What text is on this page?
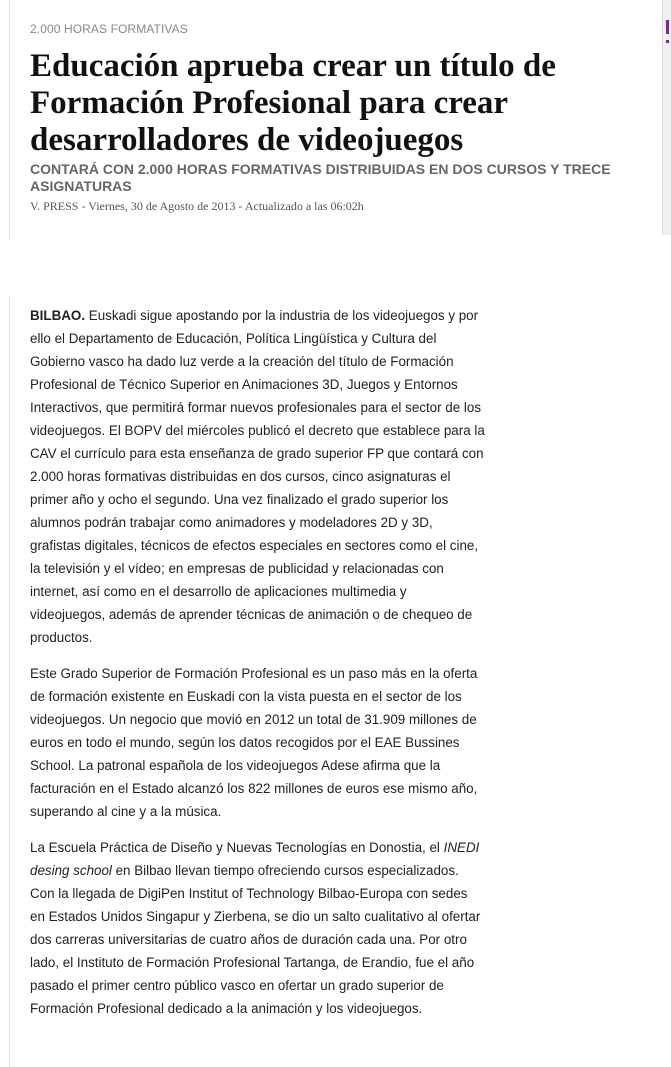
2.000 HORAS FORMATIVAS
Educación aprueba crear un título de Formación Profesional para crear desarrolladores de videojuegos
CONTARÁ CON 2.000 HORAS FORMATIVAS DISTRIBUIDAS EN DOS CURSOS Y TRECE ASIGNATURAS
V. PRESS - Viernes, 30 de Agosto de 2013 - Actualizado a las 06:02h

BILBAO. Euskadi sigue apostando por la industria de los videojuegos y por ello el Departamento de Educación, Política Lingüística y Cultura del Gobierno vasco ha dado luz verde a la creación del título de Formación Profesional de Técnico Superior en Animaciones 3D, Juegos y Entornos Interactivos, que permitirá formar nuevos profesionales para el sector de los videojuegos. El BOPV del miércoles publicó el decreto que establece para la CAV el currículo para esta enseñanza de grado superior FP que contará con 2.000 horas formativas distribuidas en dos cursos, cinco asignaturas el primer año y ocho el segundo. Una vez finalizado el grado superior los alumnos podrán trabajar como animadores y modeladores 2D y 3D, grafistas digitales, técnicos de efectos especiales en sectores como el cine, la televisión y el vídeo; en empresas de publicidad y relacionadas con internet, así como en el desarrollo de aplicaciones multimedia y videojuegos, además de aprender técnicas de animación o de chequeo de productos.

Este Grado Superior de Formación Profesional es un paso más en la oferta de formación existente en Euskadi con la vista puesta en el sector de los videojuegos. Un negocio que movió en 2012 un total de 31.909 millones de euros en todo el mundo, según los datos recogidos por el EAE Bussines School. La patronal española de los videojuegos Adese afirma que la facturación en el Estado alcanzó los 822 millones de euros ese mismo año, superando al cine y a la música.

La Escuela Práctica de Diseño y Nuevas Tecnologías en Donostia, el INEDI desing school en Bilbao llevan tiempo ofreciendo cursos especializados. Con la llegada de DigiPen Institut of Technology Bilbao-Europa con sedes en Estados Unidos Singapur y Zierbena, se dio un salto cualitativo al ofertar dos carreras universitarias de cuatro años de duración cada una. Por otro lado, el Instituto de Formación Profesional Tartanga, de Erandio, fue el año pasado el primer centro público vasco en ofertar un grado superior de Formación Profesional dedicado a la animación y los videojuegos.
